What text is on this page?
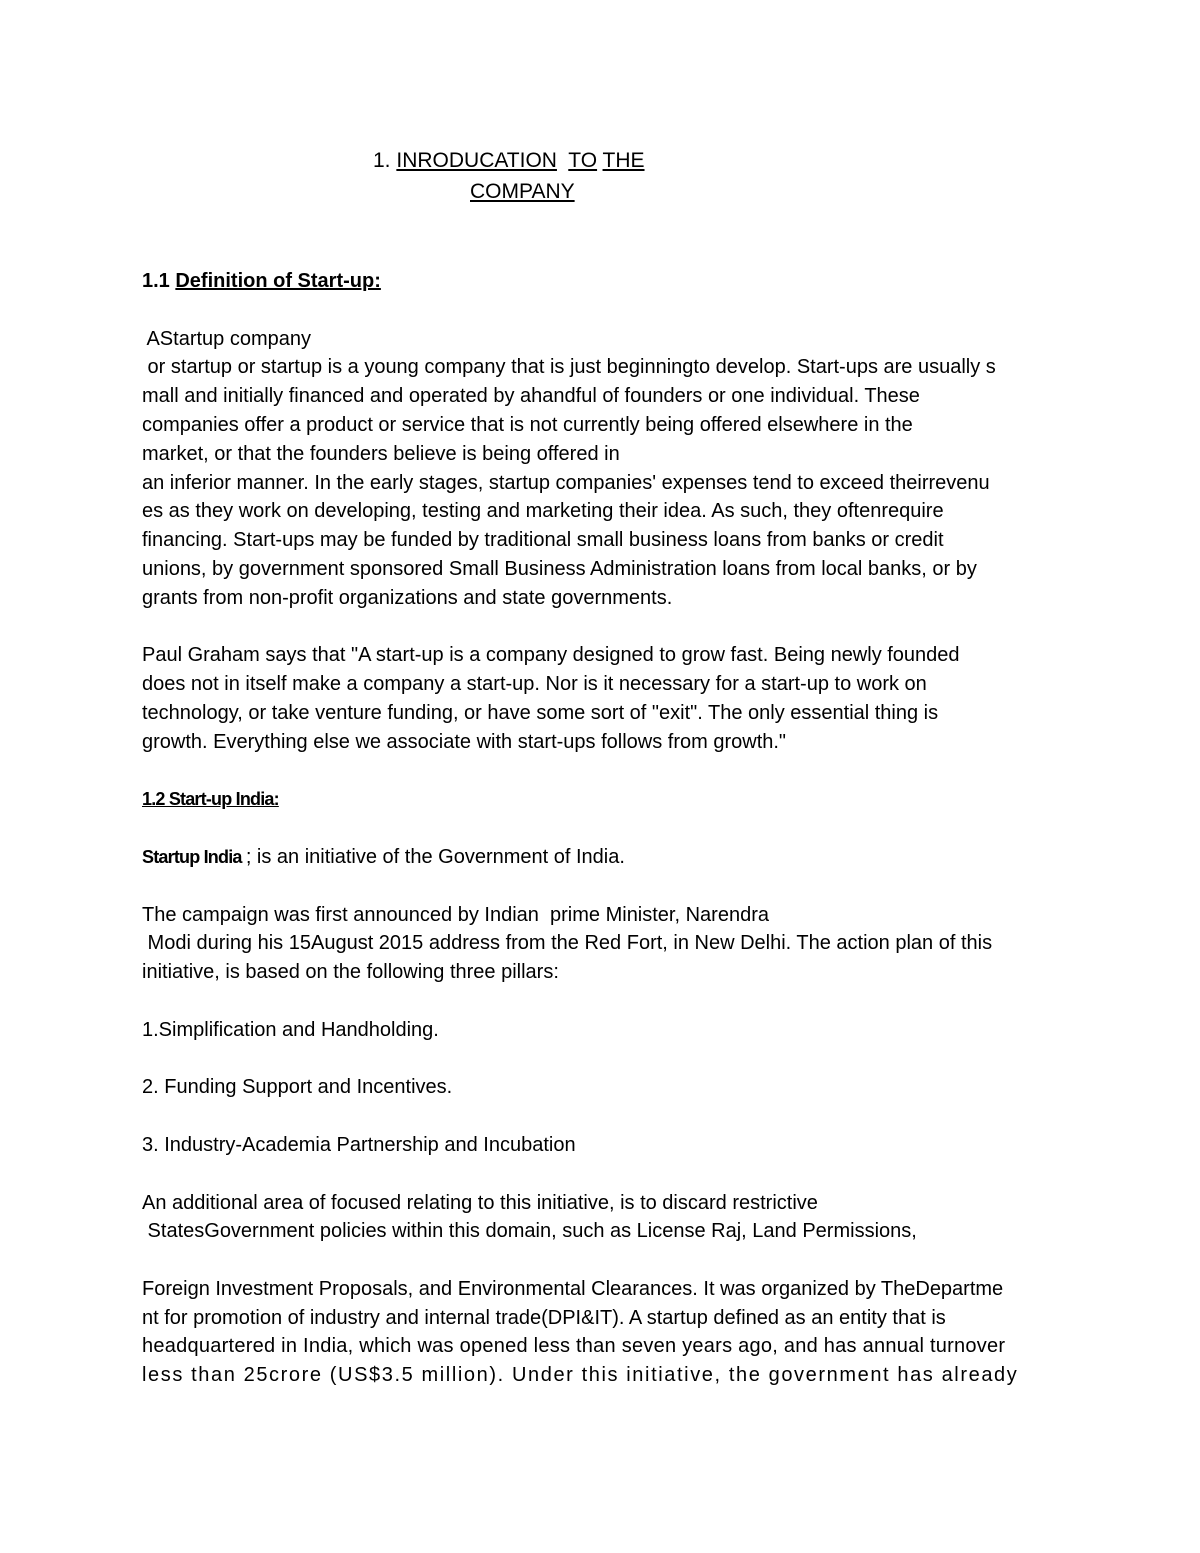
1. INRODUCATION TO THE
COMPANY

1.1 Definition of Start-up:

AStartup company

or startup or startup is a young company that is just beginningto develop. Start-ups are usually s

mall and initially financed and operated by ahandful of founders or one individual. These

companies offer a product or service that is not currently being offered elsewhere in the

market, or that the founders believe is being offered in

an inferior manner. In the early stages, startup companies' expenses tend to exceed theirrevenu

es as they work on developing, testing and marketing their idea. As such, they oftenrequire

financing. Start-ups may be funded by traditional small business loans from banks or credit

unions, by government sponsored Small Business Administration loans from local banks, or by

grants from non-profit organizations and state governments.

Paul Graham says that "A start-up is a company designed to grow fast. Being newly founded

does not in itself make a company a start-up. Nor is it necessary for a start-up to work on

technology, or take venture funding, or have some sort of "exit". The only essential thing is

growth. Everything else we associate with start-ups follows from growth."

1.2 Start-up India:

Startup India ; is an initiative of the Government of India.

The campaign was first announced by Indian  prime Minister, Narendra

Modi during his 15August 2015 address from the Red Fort, in New Delhi. The action plan of this

initiative, is based on the following three pillars:

1.Simplification and Handholding.

2. Funding Support and Incentives.

3. Industry-Academia Partnership and Incubation

An additional area of focused relating to this initiative, is to discard restrictive

StatesGovernment policies within this domain, such as License Raj, Land Permissions,

Foreign Investment Proposals, and Environmental Clearances. It was organized by TheDepartme

nt for promotion of industry and internal trade(DPI&IT). A startup defined as an entity that is

headquartered in India, which was opened less than seven years ago, and has annual turnover

less than 25crore (US$3.5 million). Under this initiative, the government has already
